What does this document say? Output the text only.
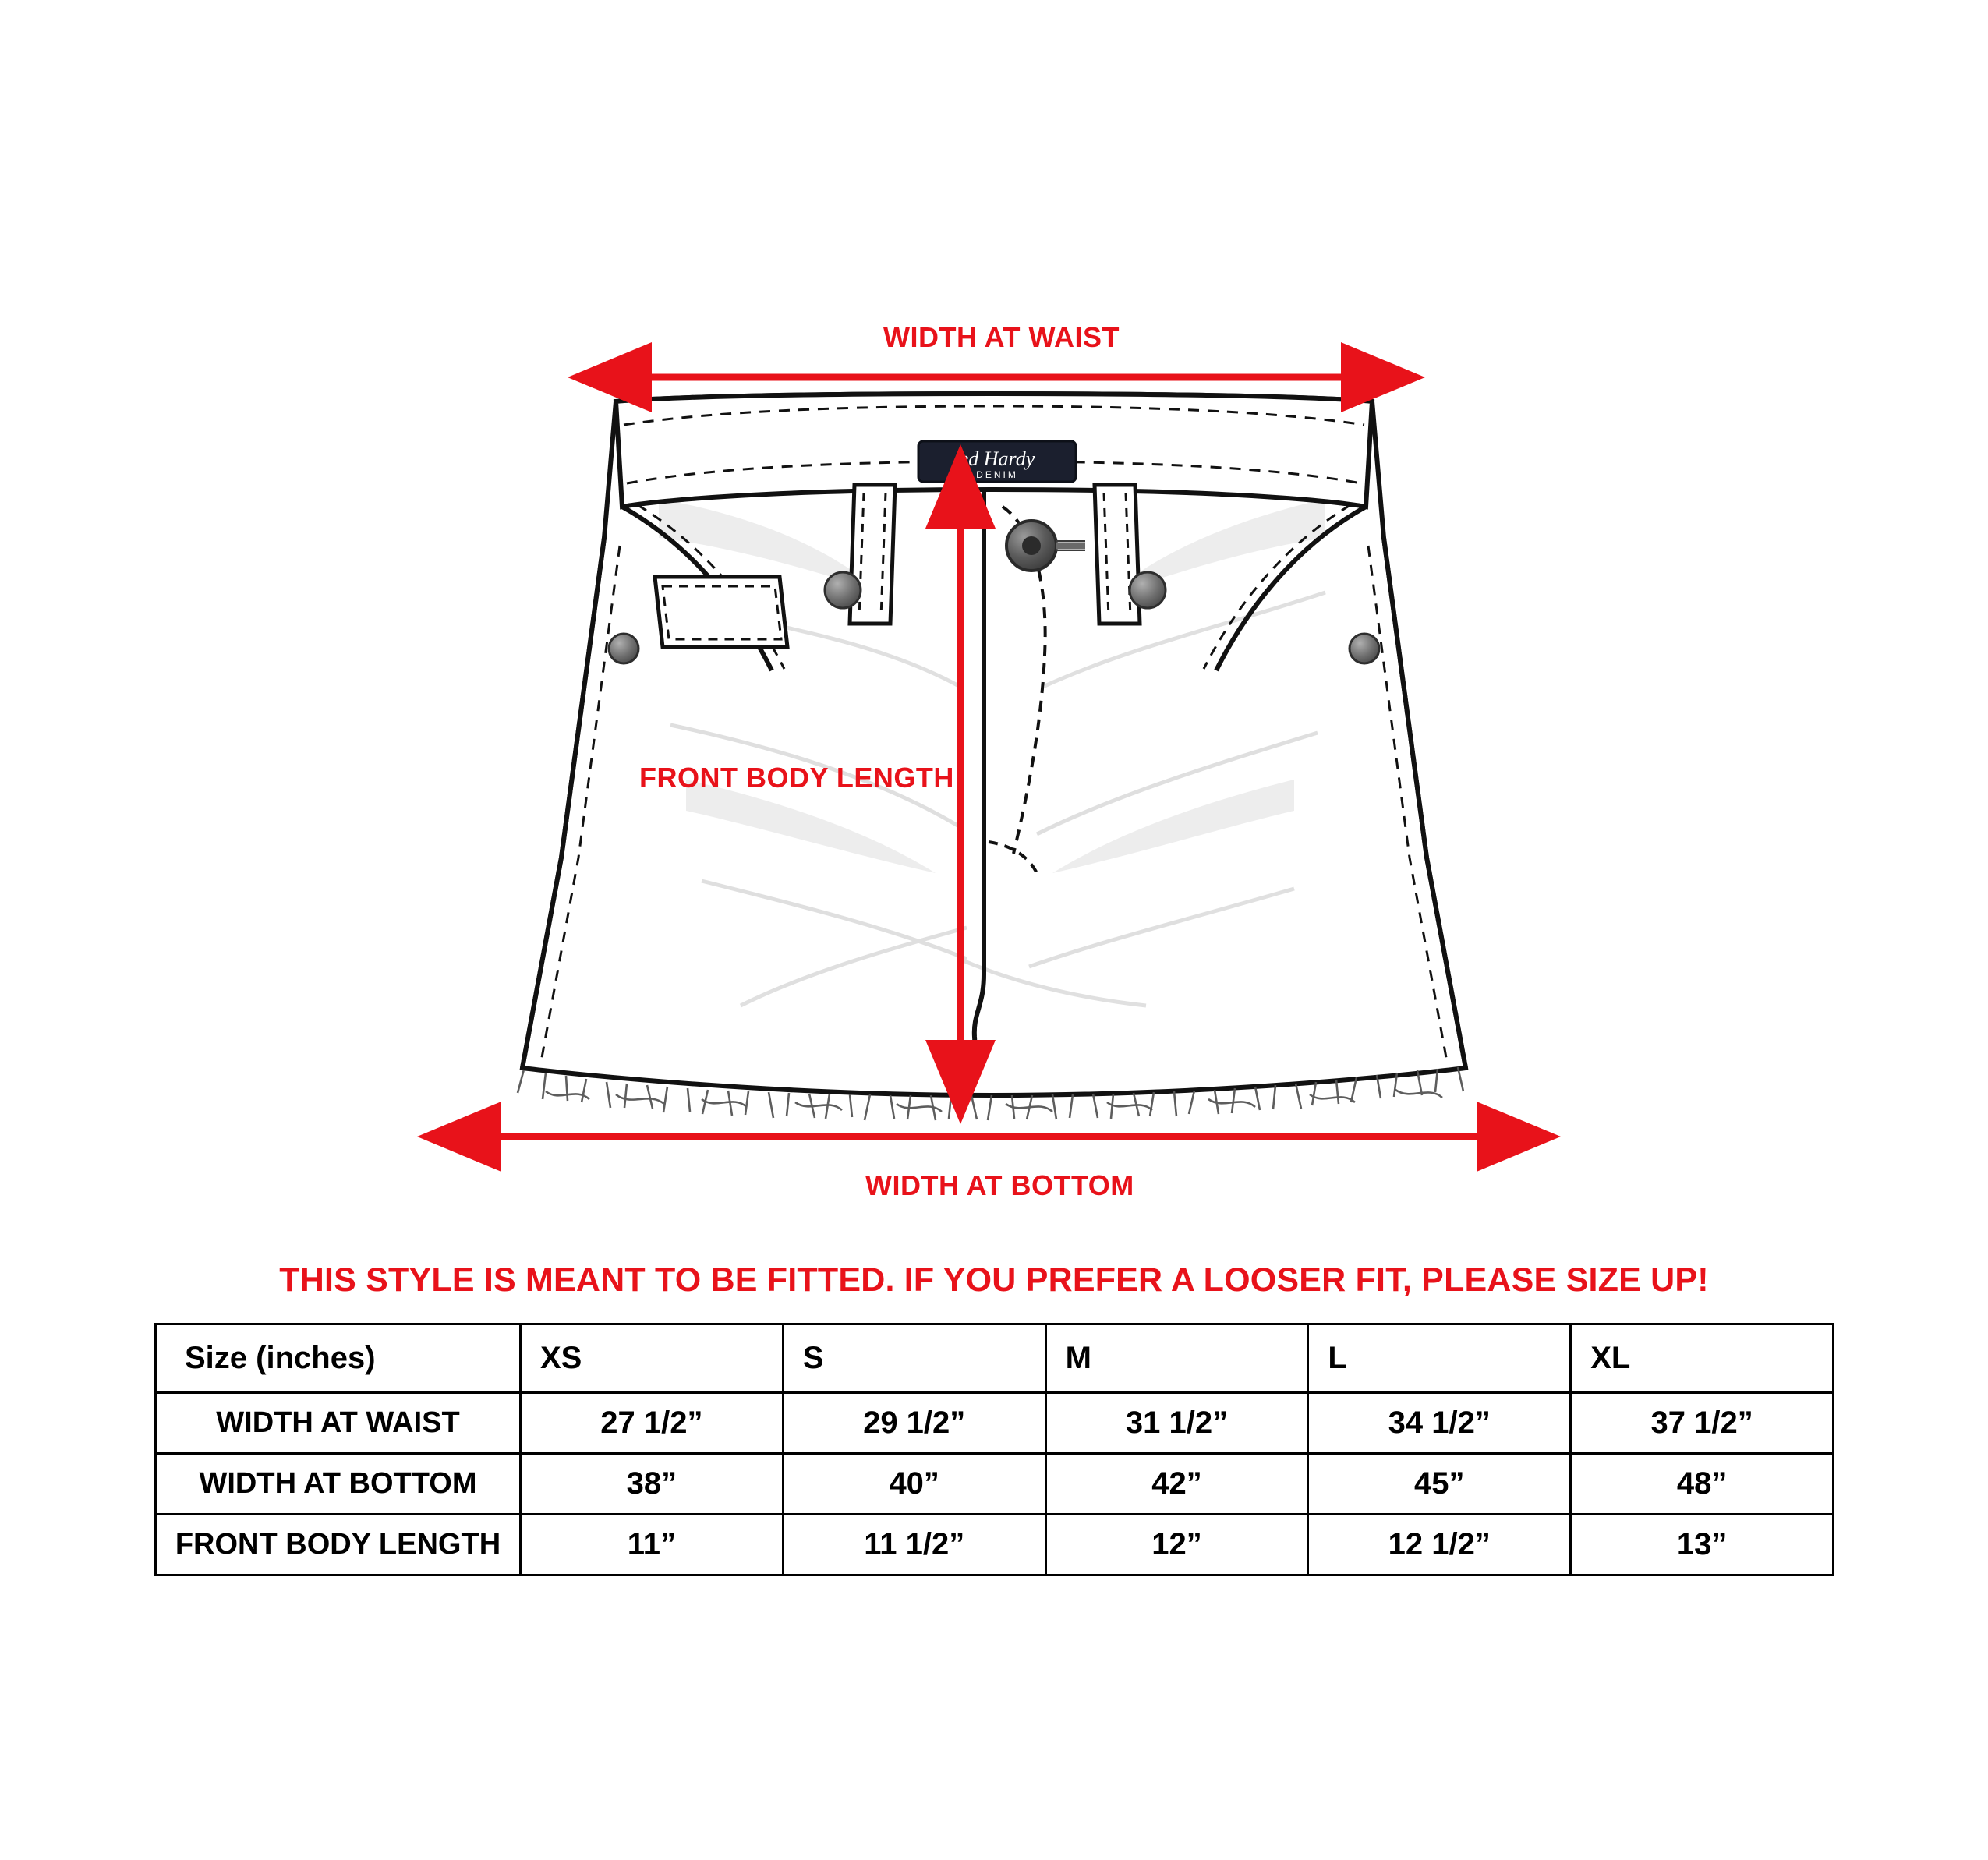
ed Hardy
DENIM
WIDTH AT WAIST
FRONT BODY LENGTH
WIDTH AT BOTTOM
THIS STYLE IS MEANT TO BE FITTED. IF YOU PREFER A LOOSER FIT, PLEASE SIZE UP!
Size (inches)	XS	S	M	L	XL
WIDTH AT WAIST	27 1/2”	29 1/2”	31 1/2”	34 1/2”	37 1/2”
WIDTH AT BOTTOM	38”	40”	42”	45”	48”
FRONT BODY LENGTH	11”	11 1/2”	12”	12 1/2”	13”
